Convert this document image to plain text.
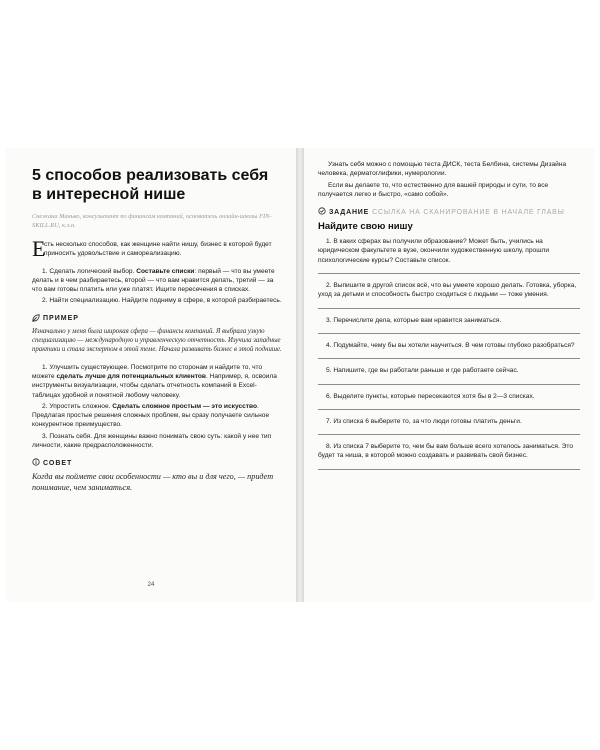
5 способов реализовать себя в интересной нише
Снежана Манько, консультант по финансам компаний, основатель онлайн-школы FIN-SKILL.RU, к.э.н.

Е
сть несколько способов, как женщине найти нишу, бизнес в которой будет приносить удовольствие и самореализацию.

1. Сделать логический выбор. Составьте списки: первый — что вы умеете делать и в чем разбираетесь, второй — что вам нравится делать, третий — за что вам готовы платить или уже платят. Ищите пересечения в списках.

2. Найти специализацию. Найдите подниму в сфере, в которой разбираетесь.

ПРИМЕР
Изначально у меня была широкая сфера — финансы компаний. Я выбрала узкую специализацию — международную и управленческую отчетность. Изучила западные практики и стала экспертом в этой теме. Начала развивать бизнес в этой поднише.

1. Улучшить существующее. Посмотрите по сторонам и найдите то, что можете сделать лучше для потенциальных клиентов. Например, я, освоила инструменты визуализации, чтобы сделать отчетность компаний в Excel-таблицах удобной и понятной любому человеку.

2. Упростить сложное. Сделать сложное простым — это искусство. Предлагая простые решения сложных проблем, вы сразу получаете сильное конкурентное преимущество.

3. Познать себя. Для женщины важно понимать свою суть: какой у нее тип личности, какие предрасположенности.

СОВЕТ
Когда вы поймете свои особенности — кто вы и для чего, — придет понимание, чем заниматься.
24

Узнать себя можно с помощью теста ДИСК, теста Белбина, системы Дизайна человека, дерматоглифики, нумерологии.

Если вы делаете то, что естественно для вашей природы и сути, то все получается легко и быстро, «само собой».

ЗАДАНИЕ ССЫЛКА НА СКАНИРОВАНИЕ В НАЧАЛЕ ГЛАВЫ
Найдите свою нишу

1. В каких сферах вы получили образование? Может быть, учились на юридическом факультете в вузе, окончили художественную школу, прошли психологические курсы? Составьте список.

2. Выпишите в другой список всё, что вы умеете хорошо делать. Готовка, уборка, уход за детьми и способность быстро сходиться с людьми — тоже умения.

3. Перечислите дела, которые вам нравится заниматься.

4. Подумайте, чему бы вы хотели научиться. В чем готовы глубоко разобраться?

5. Напишите, где вы работали раньше и где работаете сейчас.

6. Выделите пункты, которые пересекаются хотя бы в 2—3 списках.

7. Из списка 6 выберите то, за что люди готовы платить деньги.

8. Из списка 7 выберите то, чем бы вам больше всего хотелось заниматься. Это будет та ниша, в которой можно создавать и развивать свой бизнес.
